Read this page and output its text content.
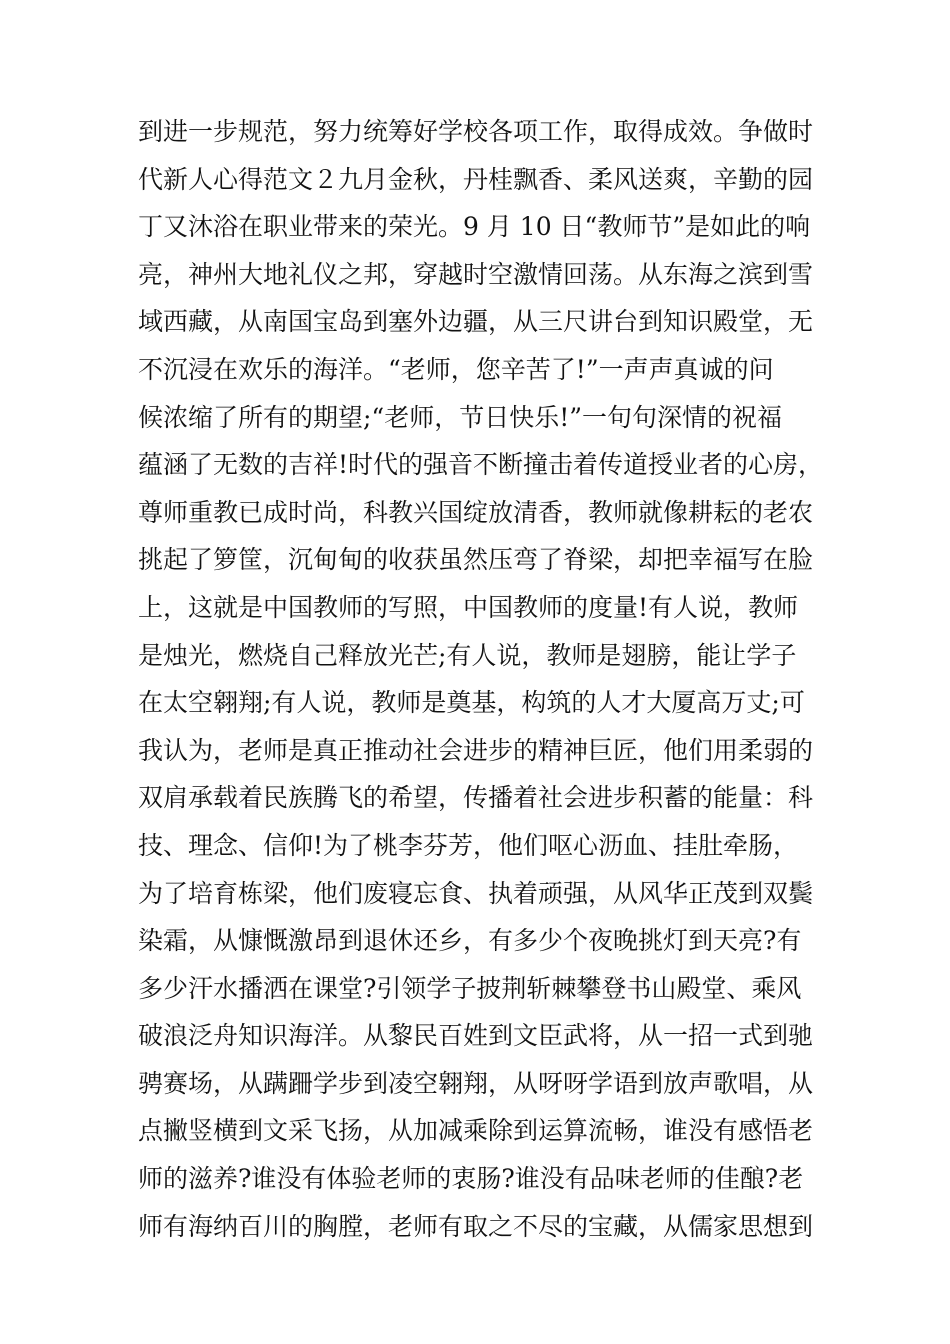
到进一步规范，努力统筹好学校各项工作，取得成效。争做时
代新人心得范文２九月金秋，丹桂飘香、柔风送爽，辛勤的园
丁又沐浴在职业带来的荣光。9 月 10 日“教师节”是如此的响
亮，神州大地礼仪之邦，穿越时空激情回荡。从东海之滨到雪
域西藏，从南国宝岛到塞外边疆，从三尺讲台到知识殿堂，无
不沉浸在欢乐的海洋。“老师，您辛苦了!”一声声真诚的问
候浓缩了所有的期望;“老师，节日快乐!”一句句深情的祝福
蕴涵了无数的吉祥!时代的强音不断撞击着传道授业者的心房，
尊师重教已成时尚，科教兴国绽放清香，教师就像耕耘的老农
挑起了箩筐，沉甸甸的收获虽然压弯了脊梁，却把幸福写在脸
上，这就是中国教师的写照，中国教师的度量!有人说，教师
是烛光，燃烧自己释放光芒;有人说，教师是翅膀，能让学子
在太空翱翔;有人说，教师是奠基，构筑的人才大厦高万丈;可
我认为，老师是真正推动社会进步的精神巨匠，他们用柔弱的
双肩承载着民族腾飞的希望，传播着社会进步积蓄的能量：科
技、理念、信仰!为了桃李芬芳，他们呕心沥血、挂肚牵肠，
为了培育栋梁，他们废寝忘食、执着顽强，从风华正茂到双鬓
染霜，从慷慨激昂到退休还乡，有多少个夜晚挑灯到天亮?有
多少汗水播洒在课堂?引领学子披荆斩棘攀登书山殿堂、乘风
破浪泛舟知识海洋。从黎民百姓到文臣武将，从一招一式到驰
骋赛场，从蹒跚学步到凌空翱翔，从呀呀学语到放声歌唱，从
点撇竖横到文采飞扬，从加减乘除到运算流畅，谁没有感悟老
师的滋养?谁没有体验老师的衷肠?谁没有品味老师的佳酿?老
师有海纳百川的胸膛，老师有取之不尽的宝藏，从儒家思想到
